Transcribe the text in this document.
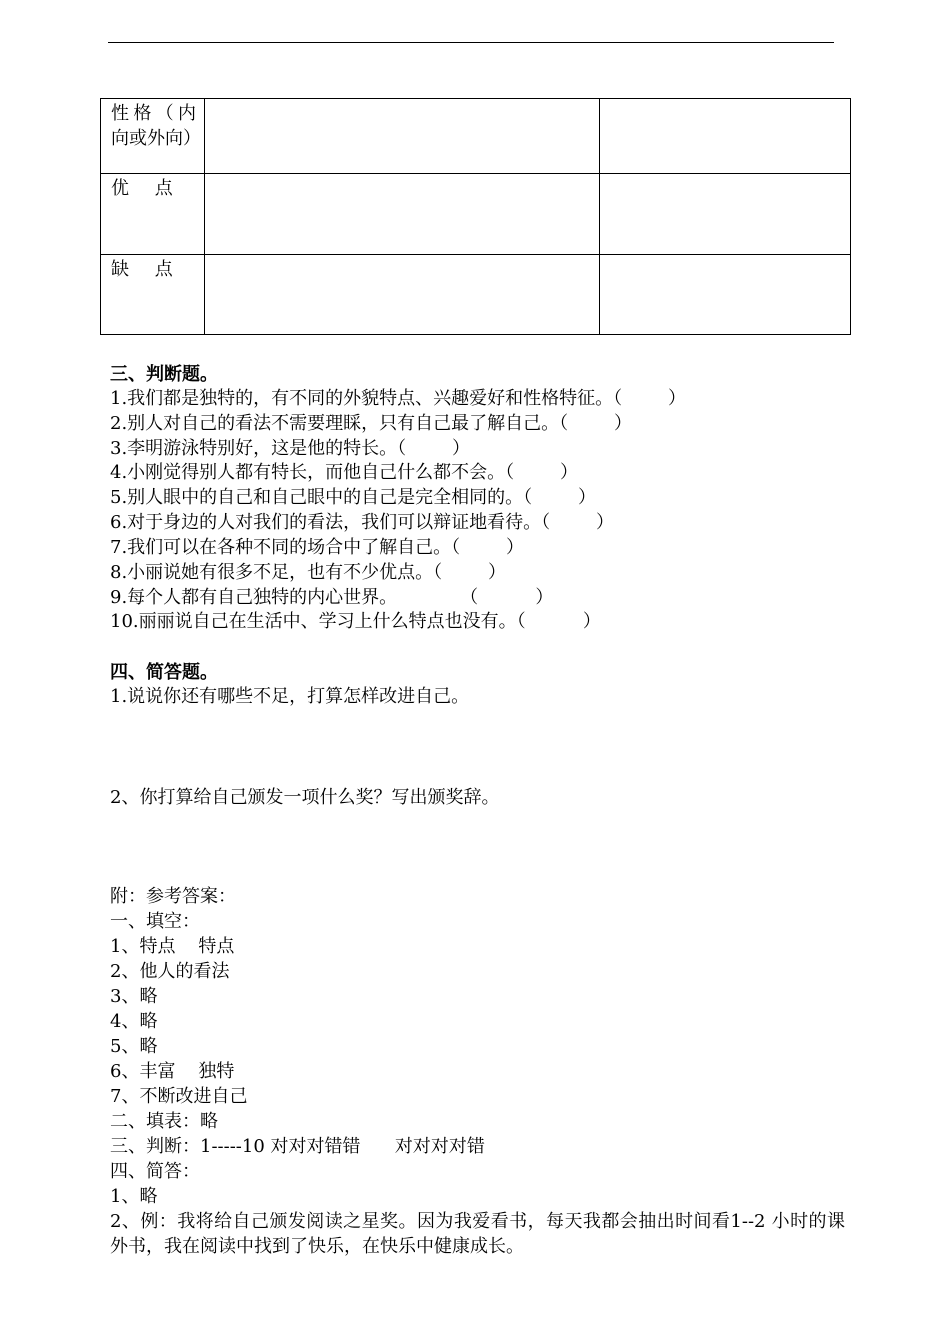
性格（内向或外向）		

优 点		
缺 点		
三、判断题。
1.我们都是独特的，有不同的外貌特点、兴趣爱好和性格特征。（        ）
2.别人对自己的看法不需要理睬，只有自己最了解自己。（        ）
3.李明游泳特别好，这是他的特长。（        ）
4.小刚觉得别人都有特长，而他自己什么都不会。（        ）
5.别人眼中的自己和自己眼中的自己是完全相同的。（        ）
6.对于身边的人对我们的看法，我们可以辩证地看待。（        ）
7.我们可以在各种不同的场合中了解自己。（        ）
8.小丽说她有很多不足，也有不少优点。（        ）
9.每个人都有自己独特的内心世界。           （          ）
10.丽丽说自己在生活中、学习上什么特点也没有。（          ）
四、简答题。
1.说说你还有哪些不足，打算怎样改进自己。
2、你打算给自己颁发一项什么奖？写出颁奖辞。
附：参考答案：
一、填空：
1、特点    特点
2、他人的看法
3、略
4、略
5、略
6、丰富    独特
7、不断改进自己
二、填表：略
三、判断：1-----10 对对对错错      对对对对错
四、简答：
1、略
2、例：我将给自己颁发阅读之星奖。因为我爱看书，每天我都会抽出时间看1--2 小时的课外书，我在阅读中找到了快乐，在快乐中健康成长。
